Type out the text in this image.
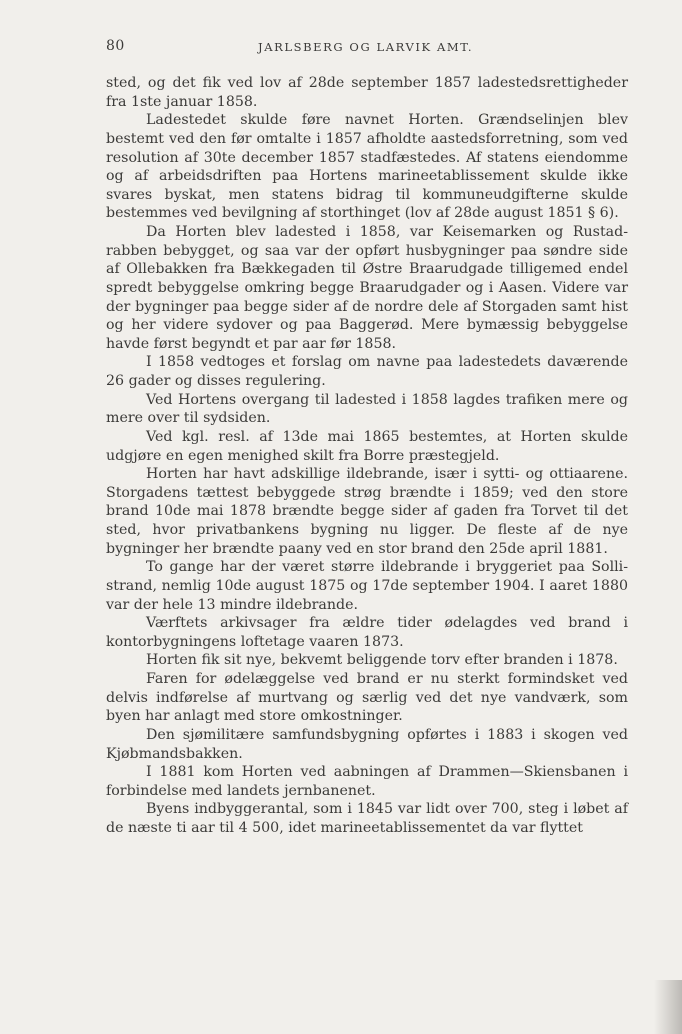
80	JARLSBERG OG LARVIK AMT.

sted, og det fik ved lov af 28de september 1857 ladestedsrettigheder fra 1ste januar 1858.

Ladestedet skulde føre navnet Horten. Grændselinjen blev bestemt ved den før omtalte i 1857 afholdte aastedsforretning, som ved resolution af 30te december 1857 stadfæstedes. Af statens eiendomme og af arbeidsdriften paa Hortens marineetablissement skulde ikke svares byskat, men statens bidrag til kommuneudgifterne skulde bestemmes ved bevilgning af storthinget (lov af 28de august 1851 § 6).

Da Horten blev ladested i 1858, var Keisemarken og Rustadrabben bebygget, og saa var der opført husbygninger paa søndre side af Ollebakken fra Bækkegaden til Østre Braarudgade tilligemed endel spredt bebyggelse omkring begge Braarudgader og i Aasen. Videre var der bygninger paa begge sider af de nordre dele af Storgaden samt hist og her videre sydover og paa Baggerød. Mere bymæssig bebyggelse havde først begyndt et par aar før 1858.

I 1858 vedtoges et forslag om navne paa ladestedets daværende 26 gader og disses regulering.

Ved Hortens overgang til ladested i 1858 lagdes trafiken mere og mere over til sydsiden.

Ved kgl. resl. af 13de mai 1865 bestemtes, at Horten skulde udgjøre en egen menighed skilt fra Borre præstegjeld.

Horten har havt adskillige ildebrande, især i sytti- og ottiaarene. Storgadens tættest bebyggede strøg brændte i 1859; ved den store brand 10de mai 1878 brændte begge sider af gaden fra Torvet til det sted, hvor privatbankens bygning nu ligger. De fleste af de nye bygninger her brændte paany ved en stor brand den 25de april 1881.

To gange har der været større ildebrande i bryggeriet paa Sollistrand, nemlig 10de august 1875 og 17de september 1904. I aaret 1880 var der hele 13 mindre ildebrande.

Værftets arkivsager fra ældre tider ødelagdes ved brand i kontorbygningens loftetage vaaren 1873.

Horten fik sit nye, bekvemt beliggende torv efter branden i 1878.

Faren for ødelæggelse ved brand er nu sterkt formindsket ved delvis indførelse af murtvang og særlig ved det nye vandværk, som byen har anlagt med store omkostninger.

Den sjømilitære samfundsbygning opførtes i 1883 i skogen ved Kjøbmandsbakken.

I 1881 kom Horten ved aabningen af Drammen—Skiensbanen i forbindelse med landets jernbanenet.

Byens indbyggerantal, som i 1845 var lidt over 700, steg i løbet af de næste ti aar til 4 500, idet marineetablissementet da var flyttet
